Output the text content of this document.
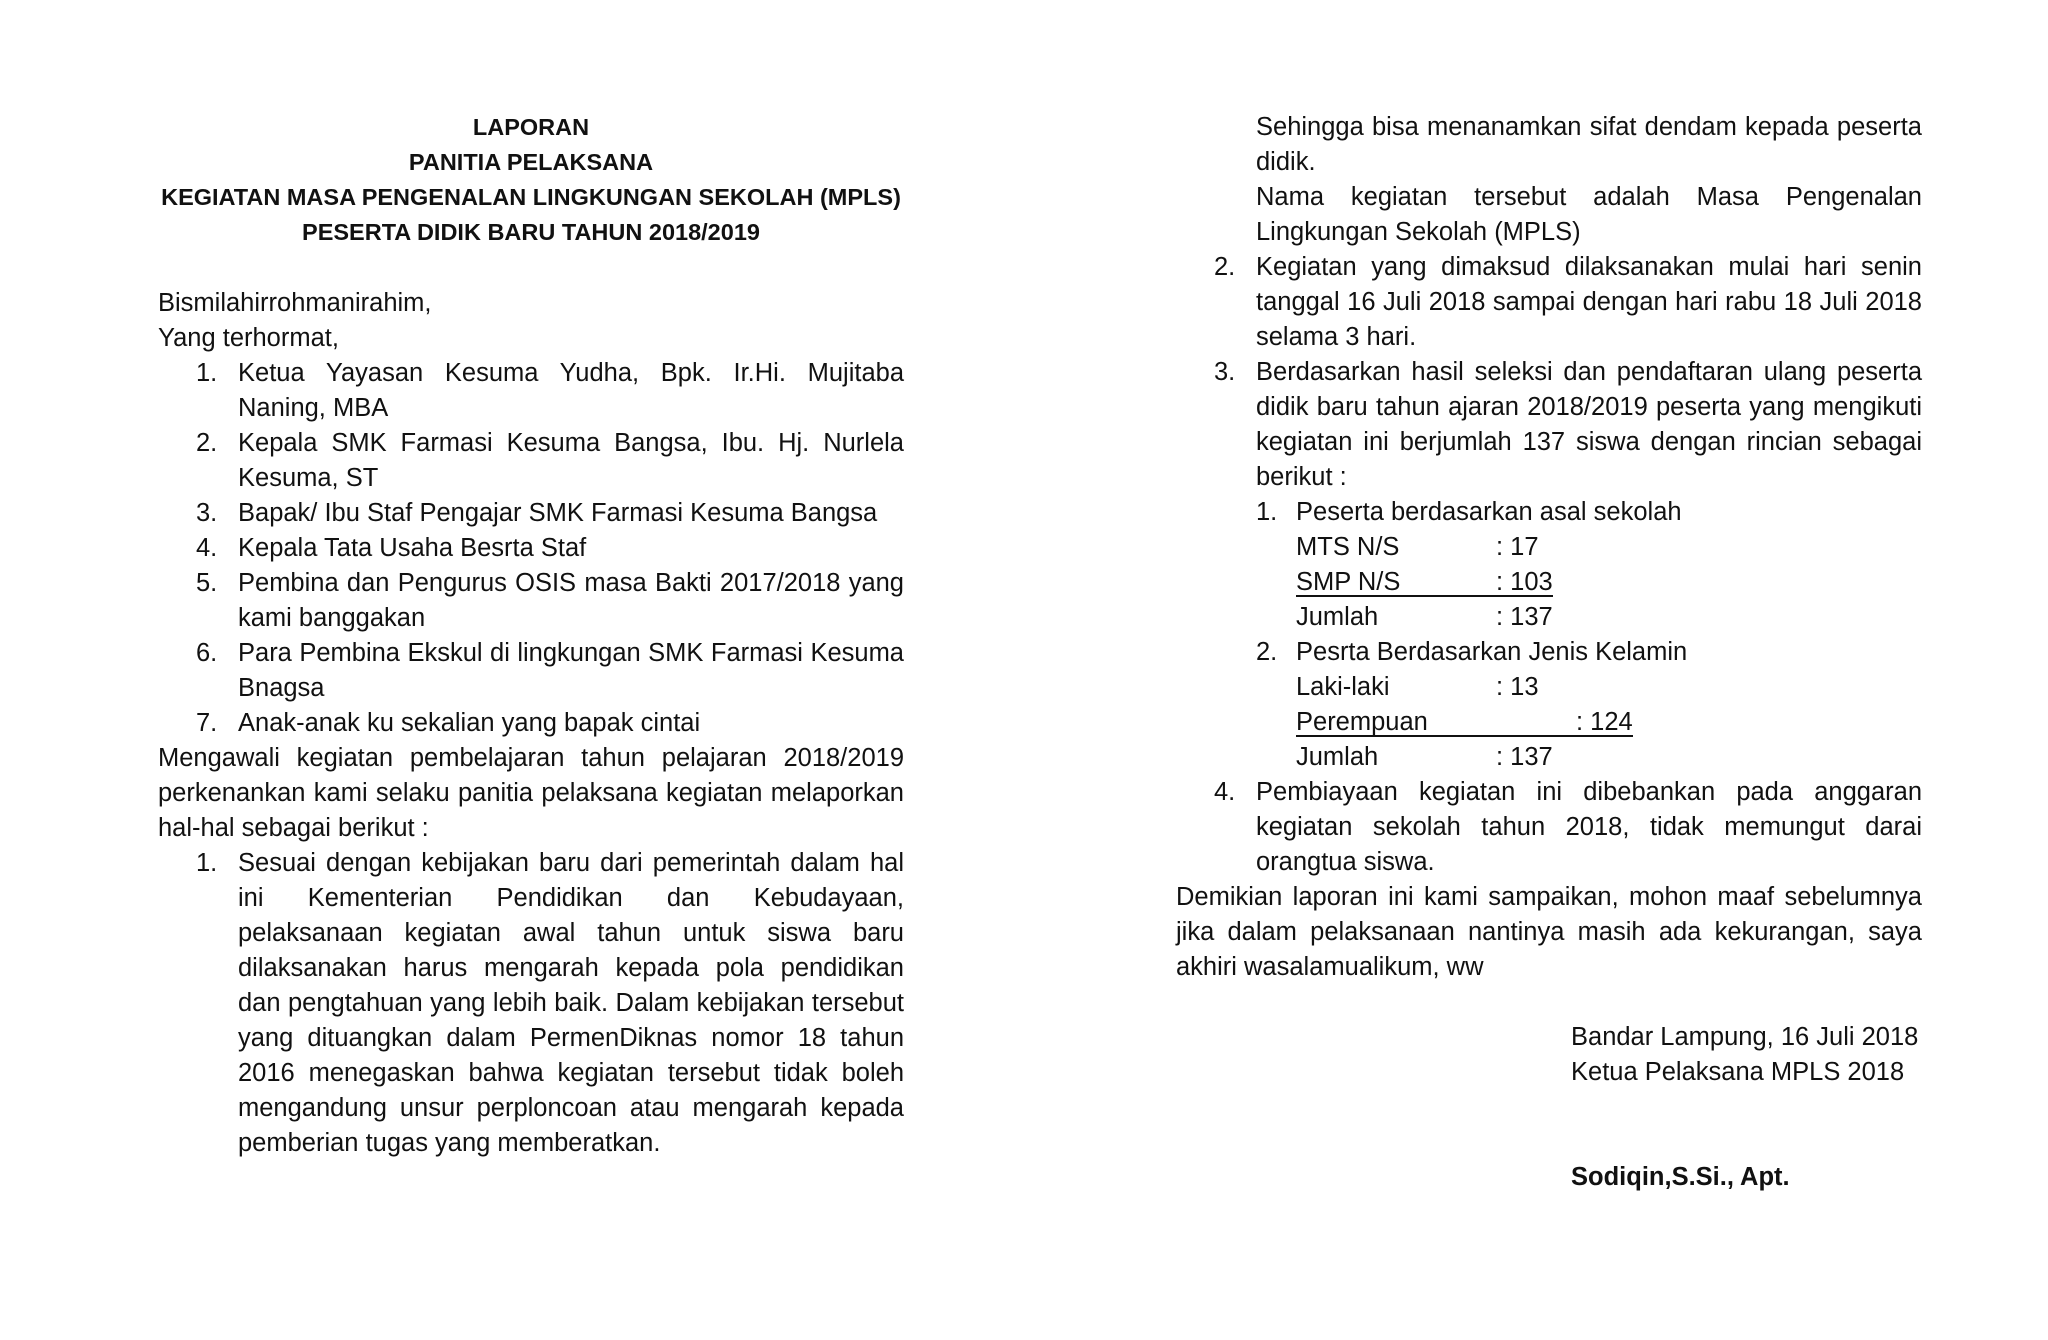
LAPORAN
PANITIA PELAKSANA
KEGIATAN MASA PENGENALAN LINGKUNGAN SEKOLAH (MPLS)
PESERTA DIDIK BARU TAHUN 2018/2019
Bismilahirrohmanirahim,
Yang terhormat,
1. Ketua Yayasan Kesuma Yudha, Bpk. Ir.Hi. Mujitaba Naning, MBA
2. Kepala SMK Farmasi Kesuma Bangsa, Ibu. Hj. Nurlela Kesuma, ST
3. Bapak/ Ibu Staf Pengajar SMK Farmasi Kesuma Bangsa
4. Kepala Tata Usaha Besrta Staf
5. Pembina dan Pengurus OSIS masa Bakti 2017/2018 yang kami banggakan
6. Para Pembina Ekskul di lingkungan SMK Farmasi Kesuma Bnagsa
7. Anak-anak ku sekalian yang bapak cintai
Mengawali kegiatan pembelajaran tahun pelajaran 2018/2019 perkenankan kami selaku panitia pelaksana kegiatan melaporkan hal-hal sebagai berikut :
1. Sesuai dengan kebijakan baru dari pemerintah dalam hal ini Kementerian Pendidikan dan Kebudayaan, pelaksanaan kegiatan awal tahun untuk siswa baru dilaksanakan harus mengarah kepada pola pendidikan dan pengtahuan yang lebih baik. Dalam kebijakan tersebut yang dituangkan dalam PermenDiknas nomor 18 tahun 2016 menegaskan bahwa kegiatan tersebut tidak boleh mengandung unsur perploncoan atau mengarah kepada pemberian tugas yang memberatkan.
Sehingga bisa menanamkan sifat dendam kepada peserta didik.
Nama kegiatan tersebut adalah Masa Pengenalan Lingkungan Sekolah (MPLS)
2. Kegiatan yang dimaksud dilaksanakan mulai hari senin tanggal 16 Juli 2018 sampai dengan hari rabu 18 Juli 2018 selama 3 hari.
3. Berdasarkan hasil seleksi dan pendaftaran ulang peserta didik baru tahun ajaran 2018/2019 peserta yang mengikuti kegiatan ini berjumlah 137 siswa dengan rincian sebagai berikut :
1. Peserta berdasarkan asal sekolah
MTS N/S	: 17
SMP N/S	: 103
Jumlah	: 137
2. Pesrta Berdasarkan Jenis Kelamin
Laki-laki	: 13
Perempuan	: 124
Jumlah	: 137
4. Pembiayaan kegiatan ini dibebankan pada anggaran kegiatan sekolah tahun 2018, tidak memungut darai orangtua siswa.
Demikian laporan ini kami sampaikan, mohon maaf sebelumnya jika dalam pelaksanaan nantinya masih ada kekurangan, saya akhiri wasalamualikum, ww
Bandar Lampung, 16 Juli 2018
Ketua Pelaksana MPLS 2018
Sodiqin,S.Si., Apt.
